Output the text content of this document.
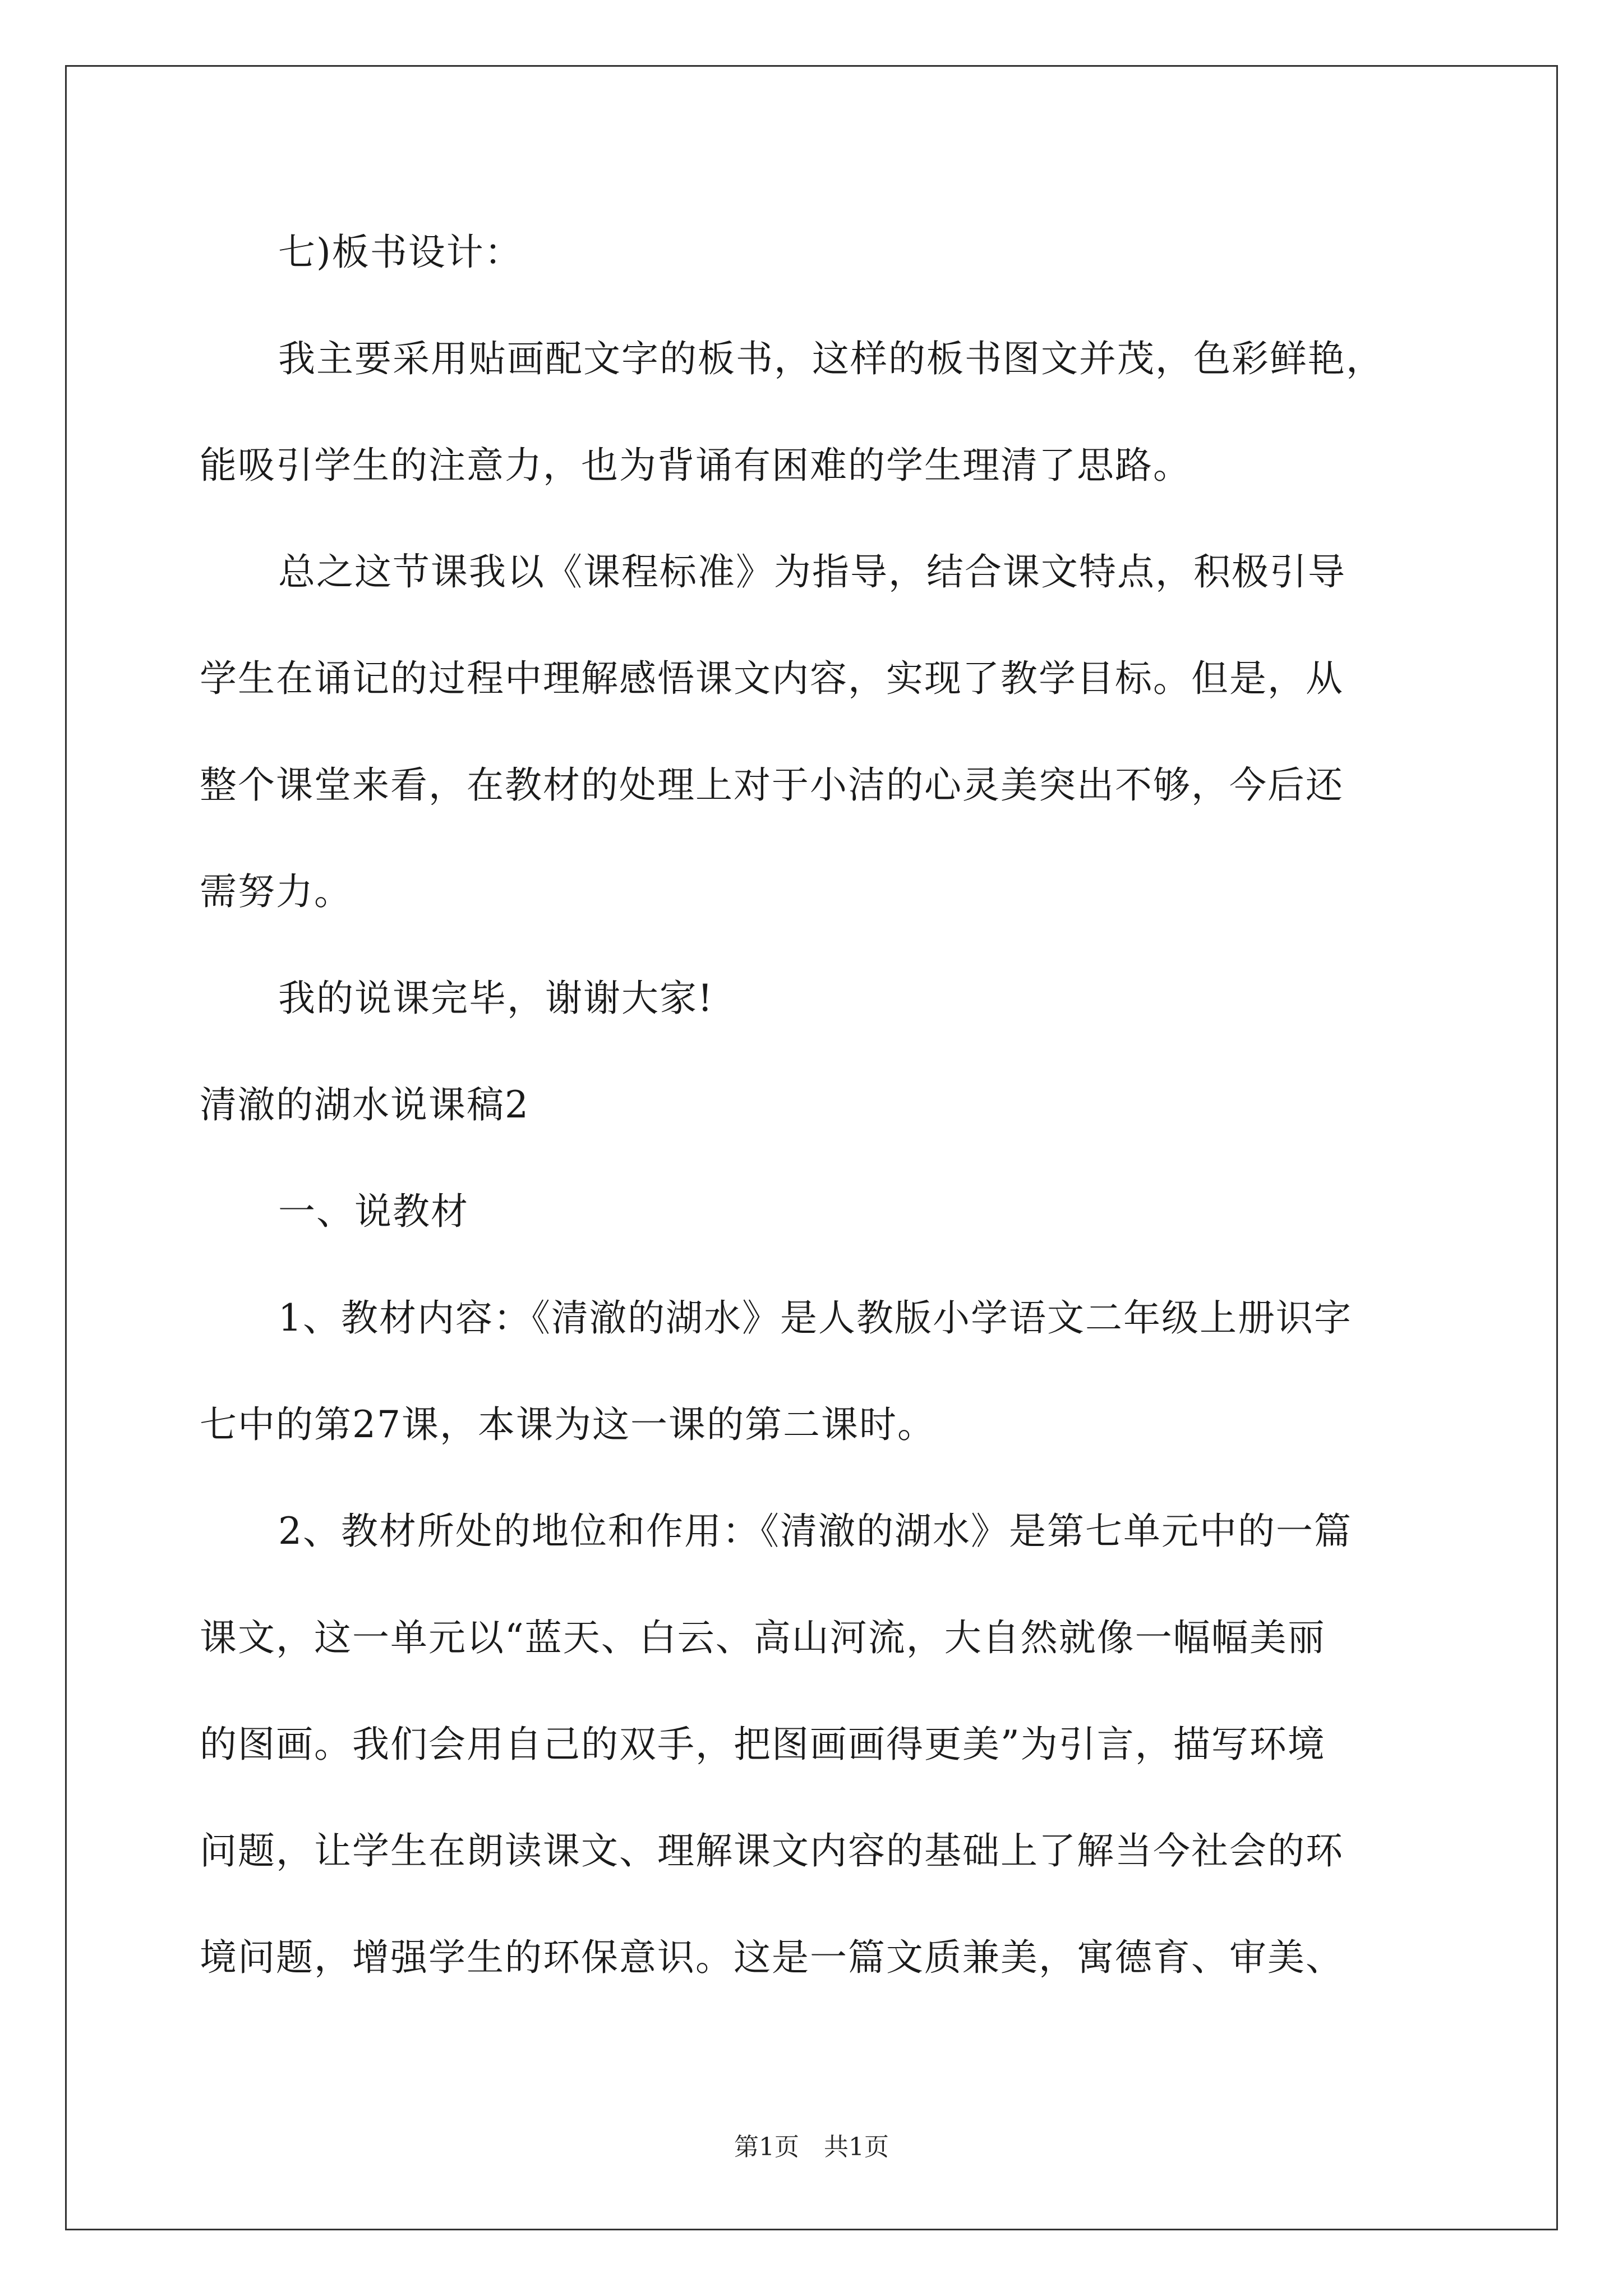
七)板书设计：
我主要采用贴画配文字的板书，这样的板书图文并茂，色彩鲜艳，
能吸引学生的注意力，也为背诵有困难的学生理清了思路。
总之这节课我以《课程标准》为指导，结合课文特点，积极引导
学生在诵记的过程中理解感悟课文内容，实现了教学目标。但是，从
整个课堂来看，在教材的处理上对于小洁的心灵美突出不够，今后还
需努力。
我的说课完毕，谢谢大家!
清澈的湖水说课稿2
一、说教材
1、教材内容：《清澈的湖水》是人教版小学语文二年级上册识字
七中的第27课，本课为这一课的第二课时。
2、教材所处的地位和作用：《清澈的湖水》是第七单元中的一篇
课文，这一单元以“蓝天、白云、高山河流，大自然就像一幅幅美丽
的图画。我们会用自己的双手，把图画画得更美”为引言，描写环境
问题，让学生在朗读课文、理解课文内容的基础上了解当今社会的环
境问题，增强学生的环保意识。这是一篇文质兼美，寓德育、审美、
第1页　共1页
